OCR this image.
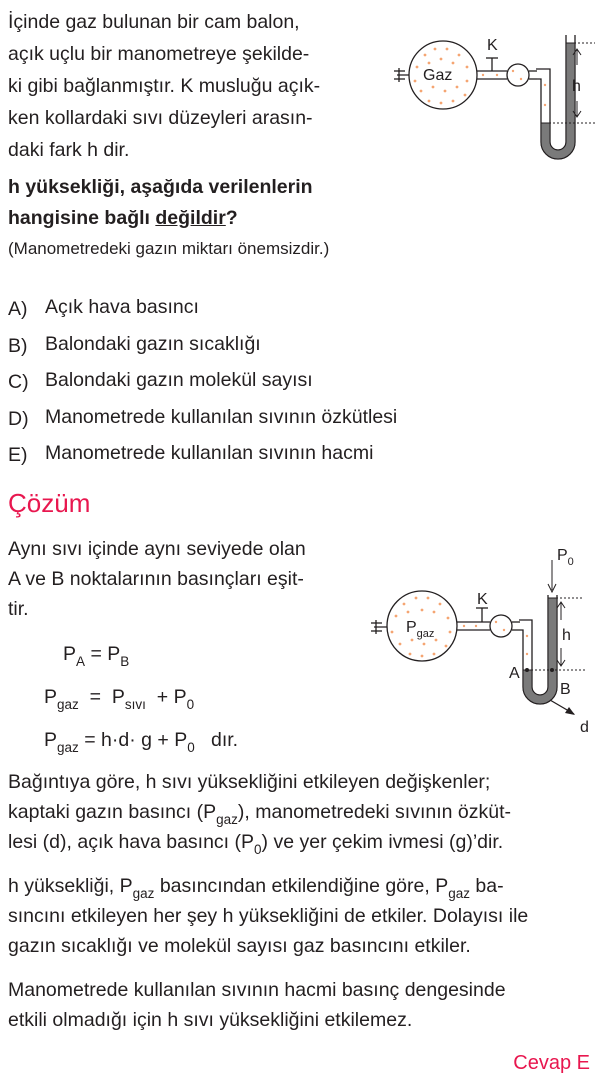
İçinde gaz bulunan bir cam balon,
açık uçlu bir manometreye şekilde-
ki gibi bağlanmıştır. K musluğu açık-
ken kollardaki sıvı düzeyleri arasın-
daki fark h dir.
h yüksekliği, aşağıda verilenlerin
hangisine bağlı değildir?
(Manometredeki gazın miktarı önemsizdir.)
Gaz
K
h
A) Açık hava basıncı
B) Balondaki gazın sıcaklığı
C) Balondaki gazın molekül sayısı
D) Manometrede kullanılan sıvının özkütlesi
E) Manometrede kullanılan sıvının hacmi
Çözüm
Aynı sıvı içinde aynı seviyede olan
A ve B noktalarının basınçları eşit-
tir.
$P_A = P_B$
$P_{gaz} = P_{sıvı} + P_0$
$P_{gaz} = h\cdot d\cdot g + P_0$ dır.
$P_{gaz}$
K
$P_0$
h
A
B
d
Bağıntıya göre, h sıvı yüksekliğini etkileyen değişkenler;
kaptaki gazın basıncı $(P_{gaz})$, manometredeki sıvının özküt-
lesi (d), açık hava basıncı $(P_0)$ ve yer çekim ivmesi (g)’dir.
h yüksekliği, $P_{gaz}$ basıncından etkilendiğine göre, $P_{gaz}$ ba-
sıncını etkileyen her şey h yüksekliğini de etkiler. Dolayısı ile
gazın sıcaklığı ve molekül sayısı gaz basıncını etkiler.
Manometrede kullanılan sıvının hacmi basınç dengesinde
etkili olmadığı için h sıvı yüksekliğini etkilemez.
Cevap E
